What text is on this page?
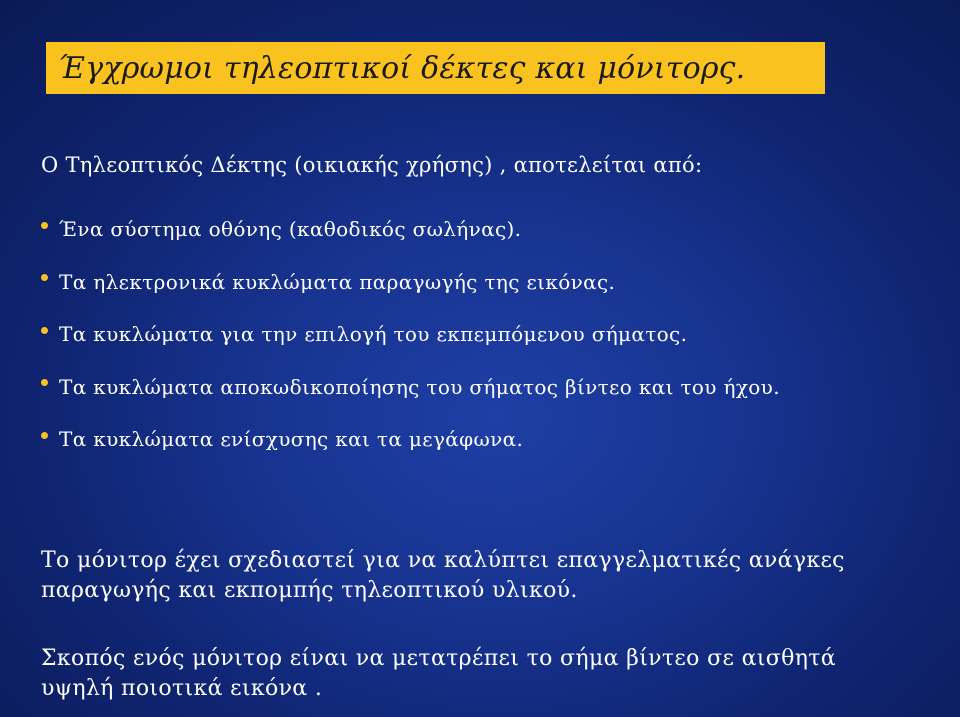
Έγχρωμοι τηλεοπτικοί δέκτες και μόνιτορς.
Ο Τηλεοπτικός Δέκτης (οικιακής χρήσης) , αποτελείται από:
Ένα σύστημα οθόνης (καθοδικός σωλήνας).
Τα ηλεκτρονικά κυκλώματα παραγωγής της εικόνας.
Τα κυκλώματα για την επιλογή του εκπεμπόμενου σήματος.
Τα κυκλώματα αποκωδικοποίησης του σήματος βίντεο και του ήχου.
Τα κυκλώματα ενίσχυσης και τα μεγάφωνα.
Το μόνιτορ έχει σχεδιαστεί για να καλύπτει επαγγελματικές ανάγκες
παραγωγής και εκπομπής τηλεοπτικού υλικού.
Σκοπός ενός μόνιτορ είναι να μετατρέπει το σήμα βίντεο σε αισθητά
υψηλή ποιοτικά εικόνα .
